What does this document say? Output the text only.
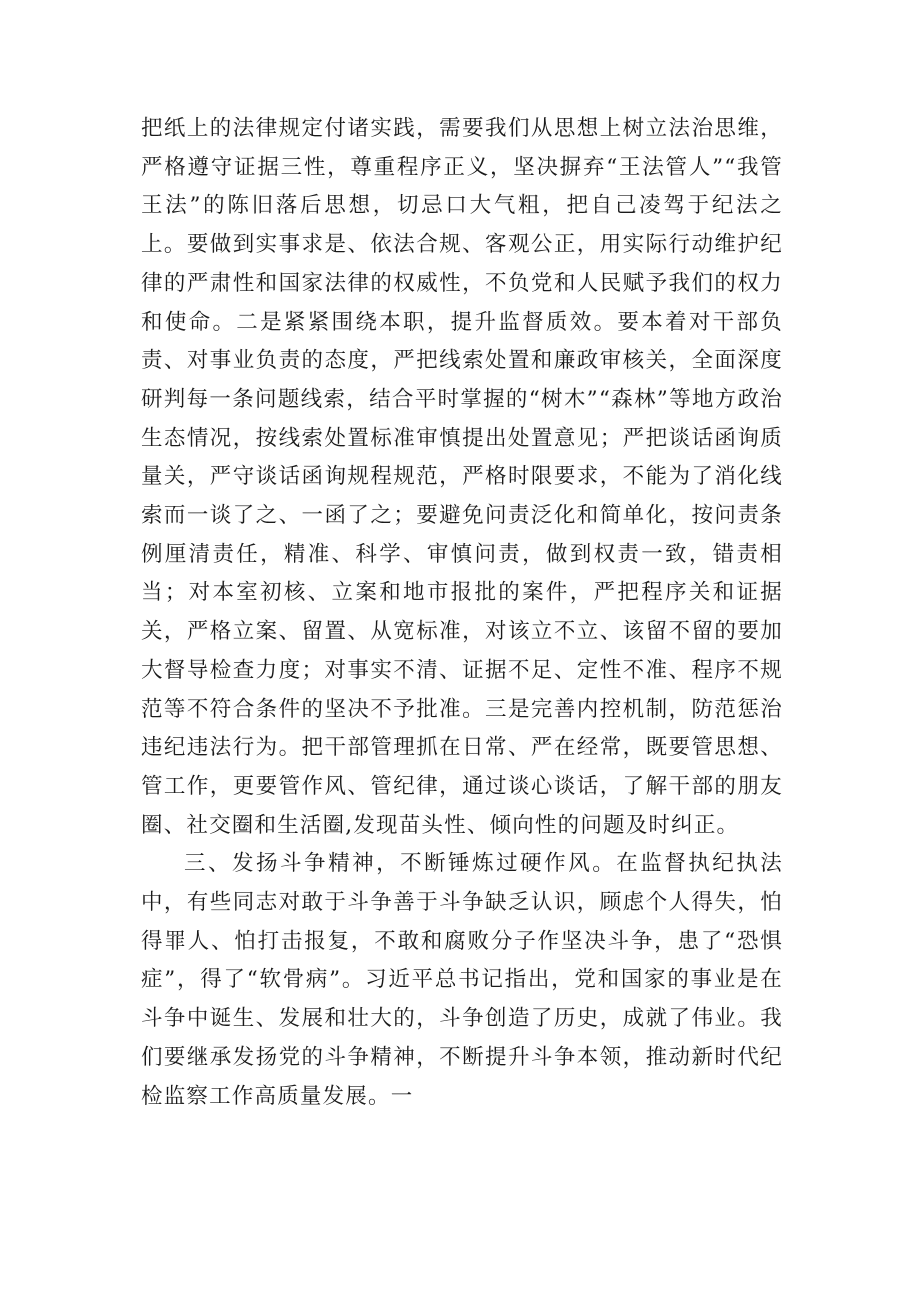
把纸上的法律规定付诸实践，需要我们从思想上树立法治思维，严格遵守证据三性，尊重程序正义，坚决摒弃“王法管人”“我管王法”的陈旧落后思想，切忌口大气粗，把自己凌驾于纪法之上。要做到实事求是、依法合规、客观公正，用实际行动维护纪律的严肃性和国家法律的权威性，不负党和人民赋予我们的权力和使命。二是紧紧围绕本职，提升监督质效。要本着对干部负责、对事业负责的态度，严把线索处置和廉政审核关，全面深度研判每一条问题线索，结合平时掌握的“树木”“森林”等地方政治生态情况，按线索处置标准审慎提出处置意见；严把谈话函询质量关，严守谈话函询规程规范，严格时限要求，不能为了消化线索而一谈了之、一函了之；要避免问责泛化和简单化，按问责条例厘清责任，精准、科学、审慎问责，做到权责一致，错责相当；对本室初核、立案和地市报批的案件，严把程序关和证据关，严格立案、留置、从宽标准，对该立不立、该留不留的要加大督导检查力度；对事实不清、证据不足、定性不准、程序不规范等不符合条件的坚决不予批准。三是完善内控机制，防范惩治违纪违法行为。把干部管理抓在日常、严在经常，既要管思想、管工作，更要管作风、管纪律，通过谈心谈话，了解干部的朋友圈、社交圈和生活圈,发现苗头性、倾向性的问题及时纠正。

三、发扬斗争精神，不断锤炼过硬作风。在监督执纪执法中，有些同志对敢于斗争善于斗争缺乏认识，顾虑个人得失，怕得罪人、怕打击报复，不敢和腐败分子作坚决斗争，患了“恐惧症”，得了“软骨病”。习近平总书记指出，党和国家的事业是在斗争中诞生、发展和壮大的，斗争创造了历史，成就了伟业。我们要继承发扬党的斗争精神，不断提升斗争本领，推动新时代纪检监察工作高质量发展。一
